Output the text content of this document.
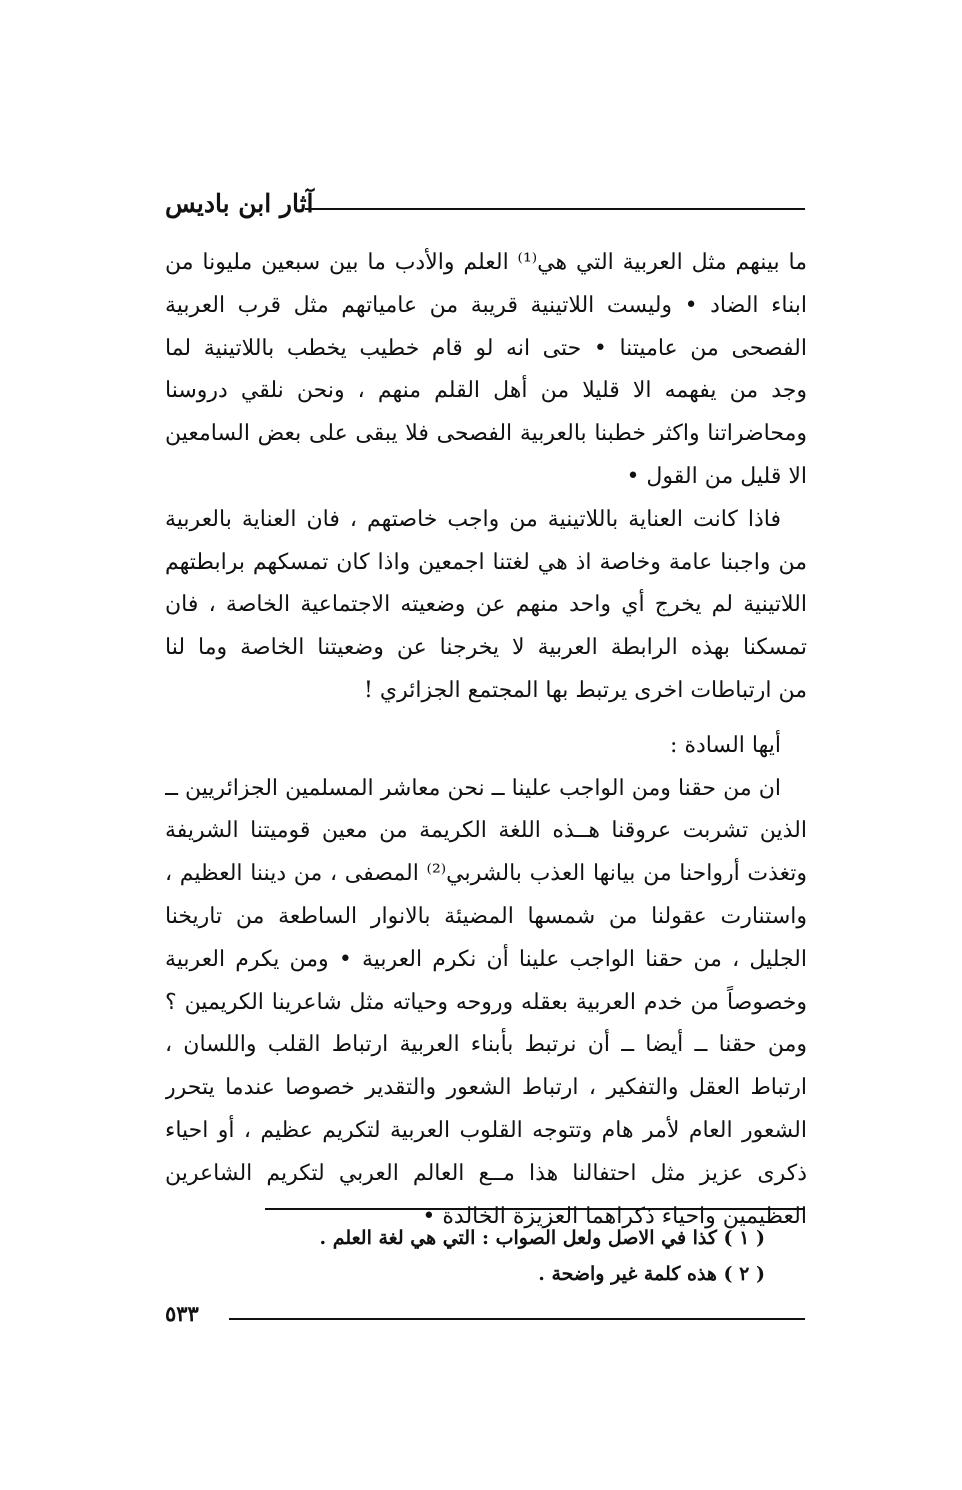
آثار ابن باديس
ما بينهم مثل العربية التي هي⁽¹⁾ العلم والأدب ما بين سبعين مليونا من
ابناء الضاد • وليست اللاتينية قريبة من عامياتهم مثل قرب العربية
الفصحى من عاميتنا • حتى انه لو قام خطيب يخطب باللاتينية لما
وجد من يفهمه الا قليلا من أهل القلم منهم ، ونحن نلقي دروسنا
ومحاضراتنا واكثر خطبنا بالعربية الفصحى فلا يبقى على بعض السامعين
الا قليل من القول •
فاذا كانت العناية باللاتينية من واجب خاصتهم ، فان العناية بالعربية
من واجبنا عامة وخاصة اذ هي لغتنا اجمعين واذا كان تمسكهم برابطتهم
اللاتينية لم يخرج أي واحد منهم عن وضعيته الاجتماعية الخاصة ، فان
تمسكنا بهذه الرابطة العربية لا يخرجنا عن وضعيتنا الخاصة وما لنا
من ارتباطات اخرى يرتبط بها المجتمع الجزائري !
أيها السادة :
ان من حقنا ومن الواجب علينا ــ نحن معاشر المسلمين الجزائريين ــ
الذين تشربت عروقنا هــذه اللغة الكريمة من معين قوميتنا الشريفة
وتغذت أرواحنا من بيانها العذب بالشربي⁽²⁾ المصفى ، من ديننا العظيم ،
واستنارت عقولنا من شمسها المضيئة بالانوار الساطعة من تاريخنا
الجليل ، من حقنا الواجب علينا أن نكرم العربية • ومن يكرم العربية
وخصوصاً من خدم العربية بعقله وروحه وحياته مثل شاعرينا الكريمين ؟
ومن حقنا ــ أيضا ــ أن نرتبط بأبناء العربية ارتباط القلب واللسان ،
ارتباط العقل والتفكير ، ارتباط الشعور والتقدير خصوصا عندما يتحرر
الشعور العام لأمر هام وتتوجه القلوب العربية لتكريم عظيم ، أو احياء
ذكرى عزيز مثل احتفالنا هذا مــع العالم العربي لتكريم الشاعرين
العظيمين واحياء ذكراهما العزيزة الخالدة •
( ١ ) كذا في الاصل ولعل الصواب : التي هي لغة العلم .
( ٢ ) هذه كلمة غير واضحة .
٥٣٣
